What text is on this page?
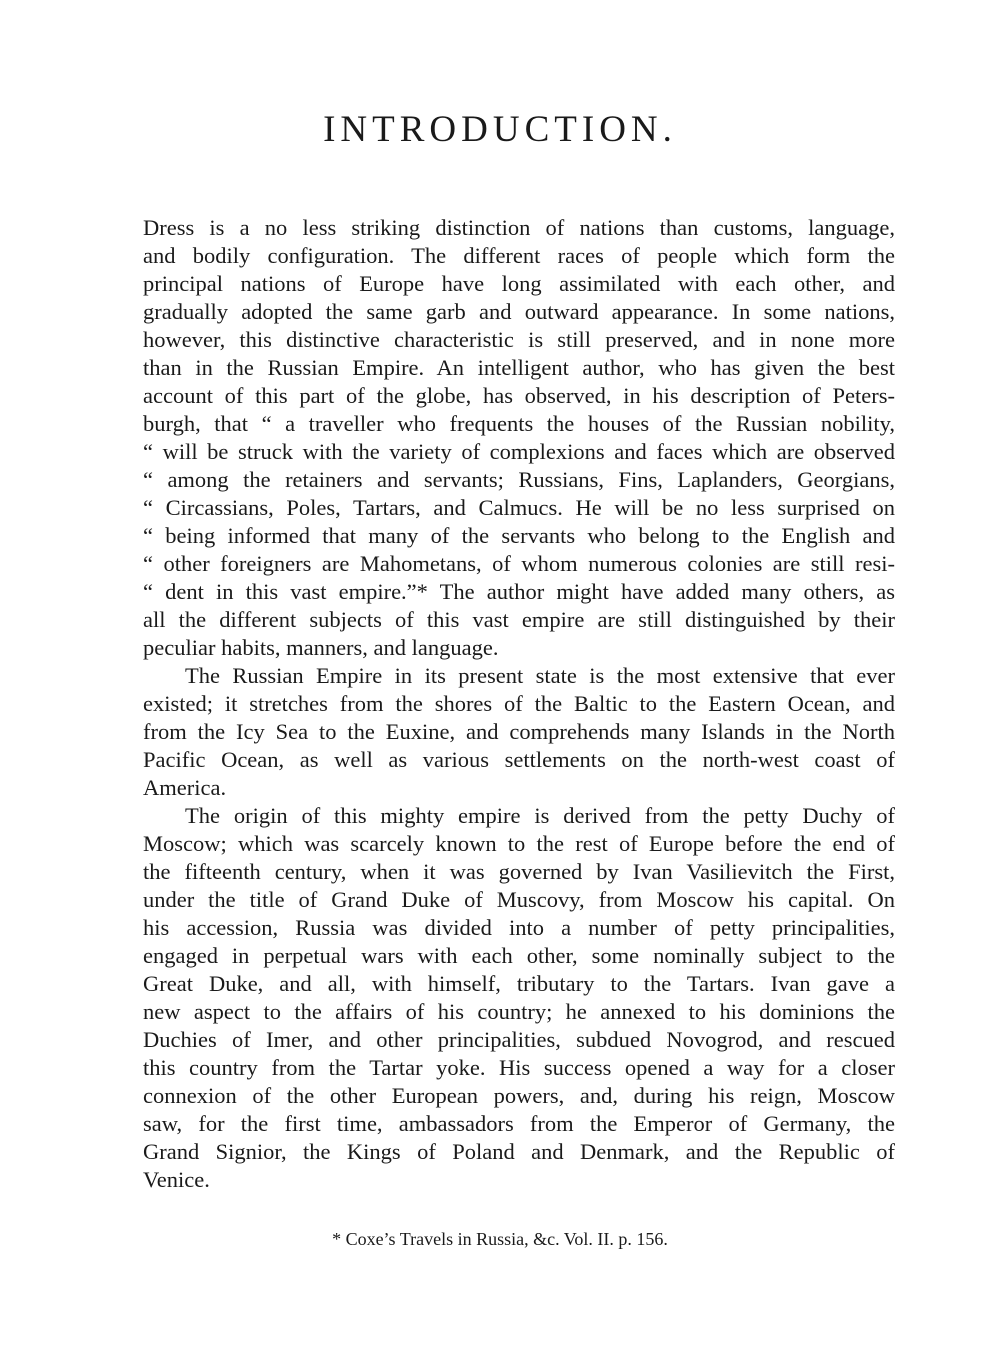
INTRODUCTION.
Dress is a no less striking distinction of nations than customs, language,
and bodily configuration. The different races of people which form the
principal nations of Europe have long assimilated with each other, and
gradually adopted the same garb and outward appearance. In some nations,
however, this distinctive characteristic is still preserved, and in none more
than in the Russian Empire. An intelligent author, who has given the best
account of this part of the globe, has observed, in his description of Peters-
burgh, that “ a traveller who frequents the houses of the Russian nobility,
“ will be struck with the variety of complexions and faces which are observed
“ among the retainers and servants; Russians, Fins, Laplanders, Georgians,
“ Circassians, Poles, Tartars, and Calmucs. He will be no less surprised on
“ being informed that many of the servants who belong to the English and
“ other foreigners are Mahometans, of whom numerous colonies are still resi-
“ dent in this vast empire.”* The author might have added many others, as
all the different subjects of this vast empire are still distinguished by their
peculiar habits, manners, and language.
The Russian Empire in its present state is the most extensive that ever
existed; it stretches from the shores of the Baltic to the Eastern Ocean, and
from the Icy Sea to the Euxine, and comprehends many Islands in the North
Pacific Ocean, as well as various settlements on the north-west coast of
America.
The origin of this mighty empire is derived from the petty Duchy of
Moscow; which was scarcely known to the rest of Europe before the end of
the fifteenth century, when it was governed by Ivan Vasilievitch the First,
under the title of Grand Duke of Muscovy, from Moscow his capital. On
his accession, Russia was divided into a number of petty principalities,
engaged in perpetual wars with each other, some nominally subject to the
Great Duke, and all, with himself, tributary to the Tartars. Ivan gave a
new aspect to the affairs of his country; he annexed to his dominions the
Duchies of Imer, and other principalities, subdued Novogrod, and rescued
this country from the Tartar yoke. His success opened a way for a closer
connexion of the other European powers, and, during his reign, Moscow
saw, for the first time, ambassadors from the Emperor of Germany, the
Grand Signior, the Kings of Poland and Denmark, and the Republic of
Venice.
* Coxe’s Travels in Russia, &c. Vol. II. p. 156.
